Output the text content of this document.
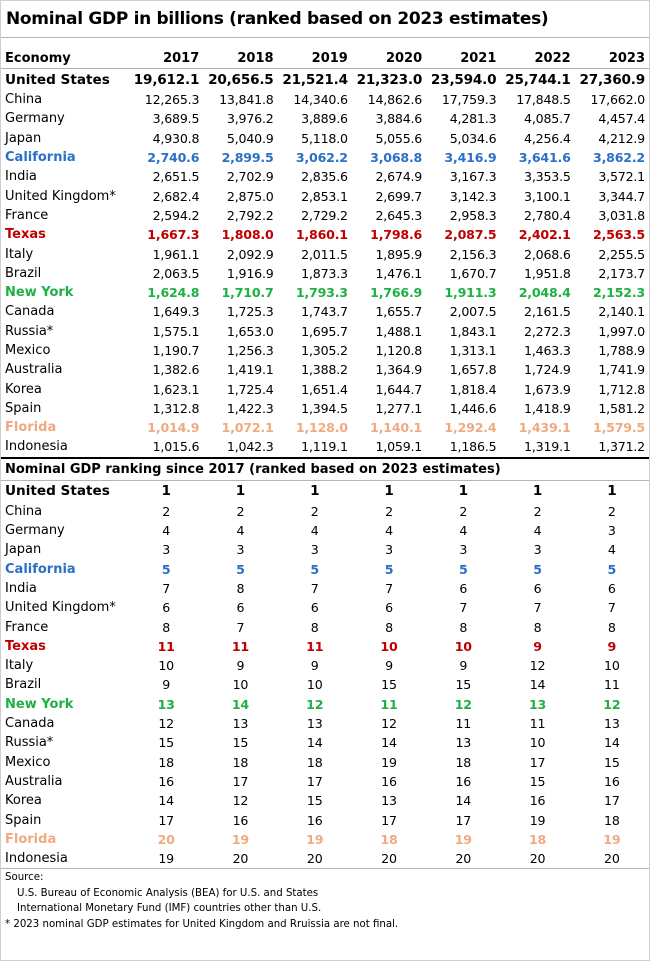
Nominal GDP in billions (ranked based on 2023 estimates)
Economy	2017	2018	2019	2020	2021	2022	2023
United States	19,612.1	20,656.5	21,521.4	21,323.0	23,594.0	25,744.1	27,360.9
China	12,265.3	13,841.8	14,340.6	14,862.6	17,759.3	17,848.5	17,662.0
Germany	3,689.5	3,976.2	3,889.6	3,884.6	4,281.3	4,085.7	4,457.4
Japan	4,930.8	5,040.9	5,118.0	5,055.6	5,034.6	4,256.4	4,212.9
California	2,740.6	2,899.5	3,062.2	3,068.8	3,416.9	3,641.6	3,862.2
India	2,651.5	2,702.9	2,835.6	2,674.9	3,167.3	3,353.5	3,572.1
United Kingdom*	2,682.4	2,875.0	2,853.1	2,699.7	3,142.3	3,100.1	3,344.7
France	2,594.2	2,792.2	2,729.2	2,645.3	2,958.3	2,780.4	3,031.8
Texas	1,667.3	1,808.0	1,860.1	1,798.6	2,087.5	2,402.1	2,563.5
Italy	1,961.1	2,092.9	2,011.5	1,895.9	2,156.3	2,068.6	2,255.5
Brazil	2,063.5	1,916.9	1,873.3	1,476.1	1,670.7	1,951.8	2,173.7
New York	1,624.8	1,710.7	1,793.3	1,766.9	1,911.3	2,048.4	2,152.3
Canada	1,649.3	1,725.3	1,743.7	1,655.7	2,007.5	2,161.5	2,140.1
Russia*	1,575.1	1,653.0	1,695.7	1,488.1	1,843.1	2,272.3	1,997.0
Mexico	1,190.7	1,256.3	1,305.2	1,120.8	1,313.1	1,463.3	1,788.9
Australia	1,382.6	1,419.1	1,388.2	1,364.9	1,657.8	1,724.9	1,741.9
Korea	1,623.1	1,725.4	1,651.4	1,644.7	1,818.4	1,673.9	1,712.8
Spain	1,312.8	1,422.3	1,394.5	1,277.1	1,446.6	1,418.9	1,581.2
Florida	1,014.9	1,072.1	1,128.0	1,140.1	1,292.4	1,439.1	1,579.5
Indonesia	1,015.6	1,042.3	1,119.1	1,059.1	1,186.5	1,319.1	1,371.2
Nominal GDP ranking since 2017 (ranked based on 2023 estimates)
United States	1	1	1	1	1	1	1
China	2	2	2	2	2	2	2
Germany	4	4	4	4	4	4	3
Japan	3	3	3	3	3	3	4
California	5	5	5	5	5	5	5
India	7	8	7	7	6	6	6
United Kingdom*	6	6	6	6	7	7	7
France	8	7	8	8	8	8	8
Texas	11	11	11	10	10	9	9
Italy	10	9	9	9	9	12	10
Brazil	9	10	10	15	15	14	11
New York	13	14	12	11	12	13	12
Canada	12	13	13	12	11	11	13
Russia*	15	15	14	14	13	10	14
Mexico	18	18	18	19	18	17	15
Australia	16	17	17	16	16	15	16
Korea	14	12	15	13	14	16	17
Spain	17	16	16	17	17	19	18
Florida	20	19	19	18	19	18	19
Indonesia	19	20	20	20	20	20	20
Source:
U.S. Bureau of Economic Analysis (BEA) for U.S. and States
International Monetary Fund (IMF) countries other than U.S.
* 2023 nominal GDP estimates for United Kingdom and Rruissia are not final.
